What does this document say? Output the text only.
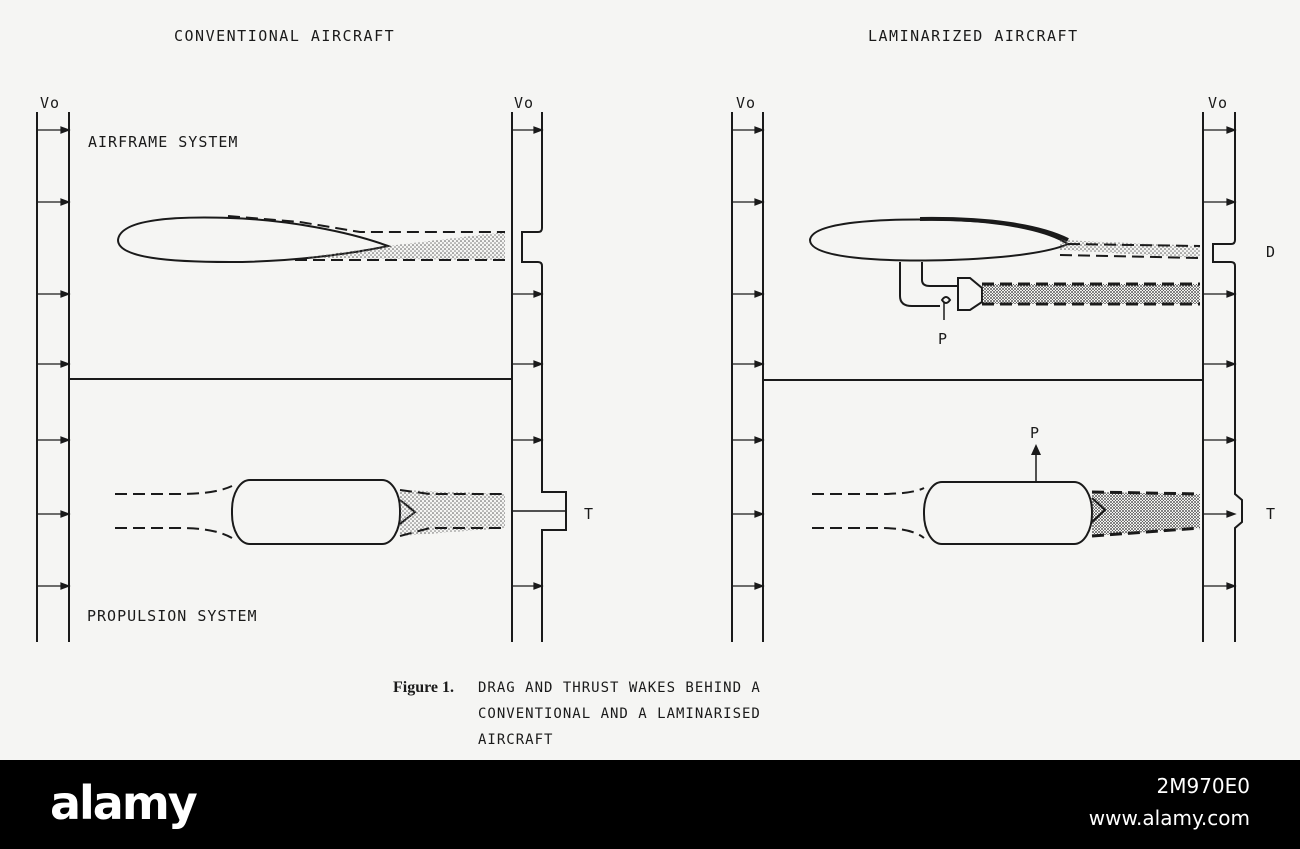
CONVENTIONAL AIRCRAFT	LAMINARIZED AIRCRAFT
Vo	Vo	Vo	Vo
AIRFRAME SYSTEM
PROPULSION SYSTEM
T
D
T
P
P
Figure 1. DRAG AND THRUST WAKES BEHIND A
CONVENTIONAL AND A LAMINARISED
AIRCRAFT
alamy	2M970E0
www.alamy.com
